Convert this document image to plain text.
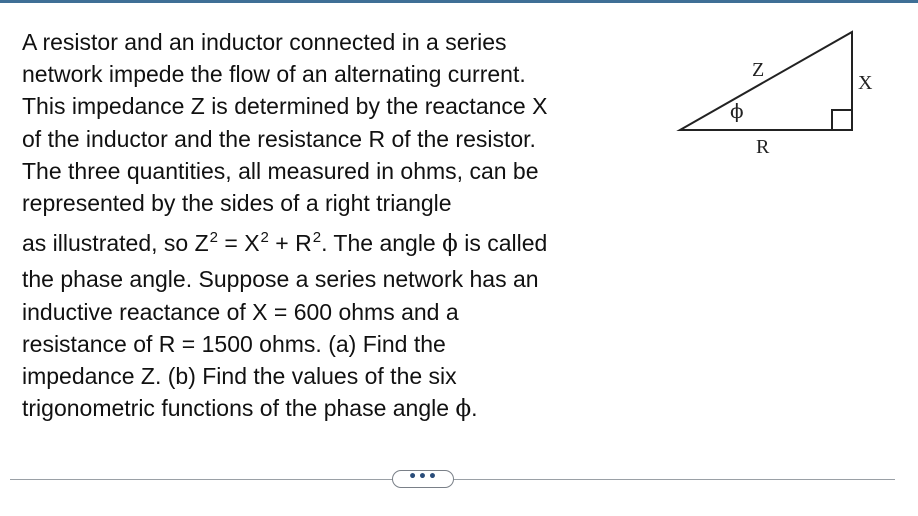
A resistor and an inductor connected in a series
network impede the flow of an alternating current.
This impedance Z is determined by the reactance X
of the inductor and the resistance R of the resistor.
The three quantities, all measured in ohms, can be
represented by the sides of a right triangle
as illustrated, so $Z^2 = X^2 + R^2$. The angle ϕ is called
the phase angle. Suppose a series network has an
inductive reactance of X = 600 ohms and a
resistance of R = 1500 ohms. (a) Find the
impedance Z. (b) Find the values of the six
trigonometric functions of the phase angle ϕ.
Z
X
R
ϕ
•••
